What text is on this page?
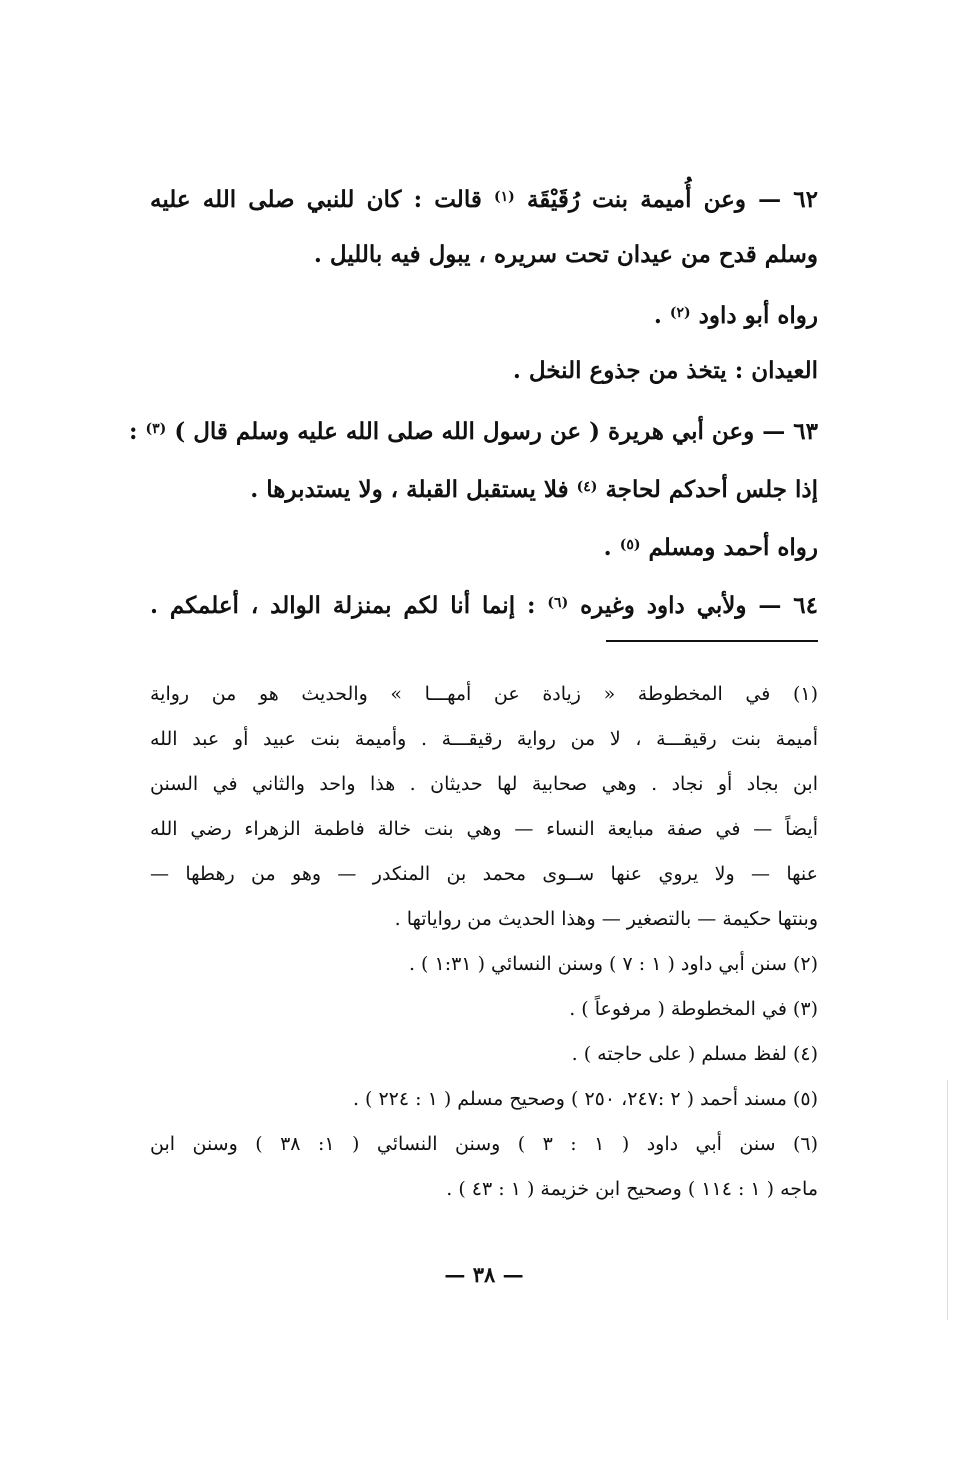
٦٢ — وعن أُميمة بنت رُقَيْقَة $^{(١)}$ قالت : كان للنبي صلى الله عليه
وسلم قدح من عيدان تحت سريره ، يبول فيه بالليل .
رواه أبو داود $^{(٢)}$ .
العيدان : يتخذ من جذوع النخل .
٦٣ — وعن أبي هريرة ( عن رسول الله صلى الله عليه وسلم قال ) $^{(٣)}$ :
إذا جلس أحدكم لحاجة $^{(٤)}$ فلا يستقبل القبلة ، ولا يستدبرها .
رواه أحمد ومسلم $^{(٥)}$ .
٦٤ — ولأبي داود وغيره $^{(٦)}$ : إنما أنا لكم بمنزلة الوالد ، أعلمكم .
(١) في المخطوطة « زيادة عن أمهـــا » والحديث هو من رواية
أميمة بنت رقيقـــة ، لا من رواية رقيقـــة . وأميمة بنت عبيد أو عبد الله
ابن بجاد أو نجاد . وهي صحابية لها حديثان . هذا واحد والثاني في السنن
أيضاً — في صفة مبايعة النساء — وهي بنت خالة فاطمة الزهراء رضي الله
عنها — ولا يروي عنها ســوى محمد بن المنكدر — وهو من رهطها —
وبنتها حكيمة — بالتصغير — وهذا الحديث من رواياتها .
(٢) سنن أبي داود ( ١ : ٧ ) وسنن النسائي ( ١:٣١ ) .
(٣) في المخطوطة ( مرفوعاً ) .
(٤) لفظ مسلم ( على حاجته ) .
(٥) مسند أحمد ( ٢ :٢٤٧، ٢٥٠ ) وصحيح مسلم ( ١ : ٢٢٤ ) .
(٦) سنن أبي داود ( ١ : ٣ ) وسنن النسائي ( ١: ٣٨ ) وسنن ابن
ماجه ( ١ : ١١٤ ) وصحيح ابن خزيمة ( ١ : ٤٣ ) .
— ٣٨ —
